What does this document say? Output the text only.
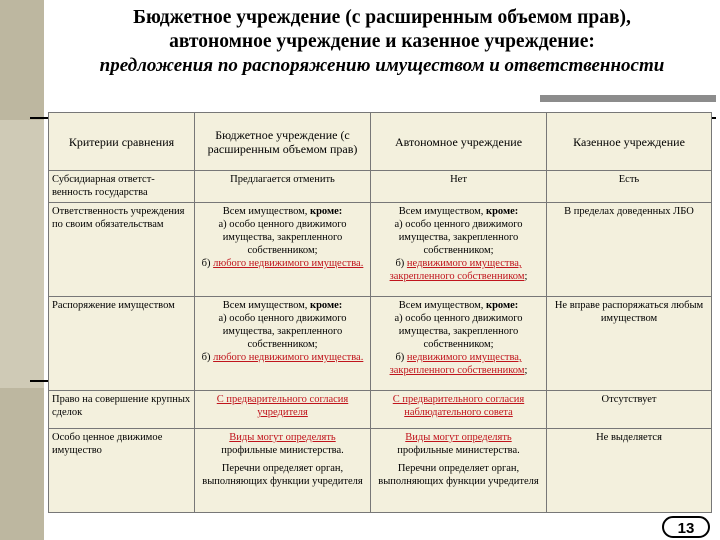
Бюджетное учреждение (с расширенным объемом прав),
автономное учреждение и казенное учреждение:
предложения по распоряжению имуществом и ответственности
Критерии сравнения	Бюджетное учреждение (с расширенным объемом прав)	Автономное учреждение	Казенное учреждение
Субсидиарная ответст-венность государства	Предлагается отменить	Нет	Есть
Ответственность учреждения по своим обязательствам	Всем имуществом, кроме:
а) особо ценного движимого имущества, закрепленного собственником;
б) любого недвижимого имущества.	Всем имуществом, кроме:
а) особо ценного движимого имущества, закрепленного собственником;
б) недвижимого имущества, закрепленного собственником;	В пределах доведенных ЛБО
Распоряжение имуществом	Всем имуществом, кроме:
а) особо ценного движимого имущества, закрепленного собственником;
б) любого недвижимого имущества.	Всем имуществом, кроме:
а) особо ценного движимого имущества, закрепленного собственником;
б) недвижимого имущества, закрепленного собственником;	Не вправе распоряжаться любым имуществом
Право на совершение крупных сделок	С предварительного согласия учредителя	С предварительного согласия наблюдательного совета	Отсутствует
Особо ценное движимое имущество	Виды могут определять
профильные министерства.

Перечни определяет орган, выполняющих функции учредителя	Виды могут определять
профильные министерства.

Перечни определяет орган, выполняющих функции учредителя	Не выделяется
13
